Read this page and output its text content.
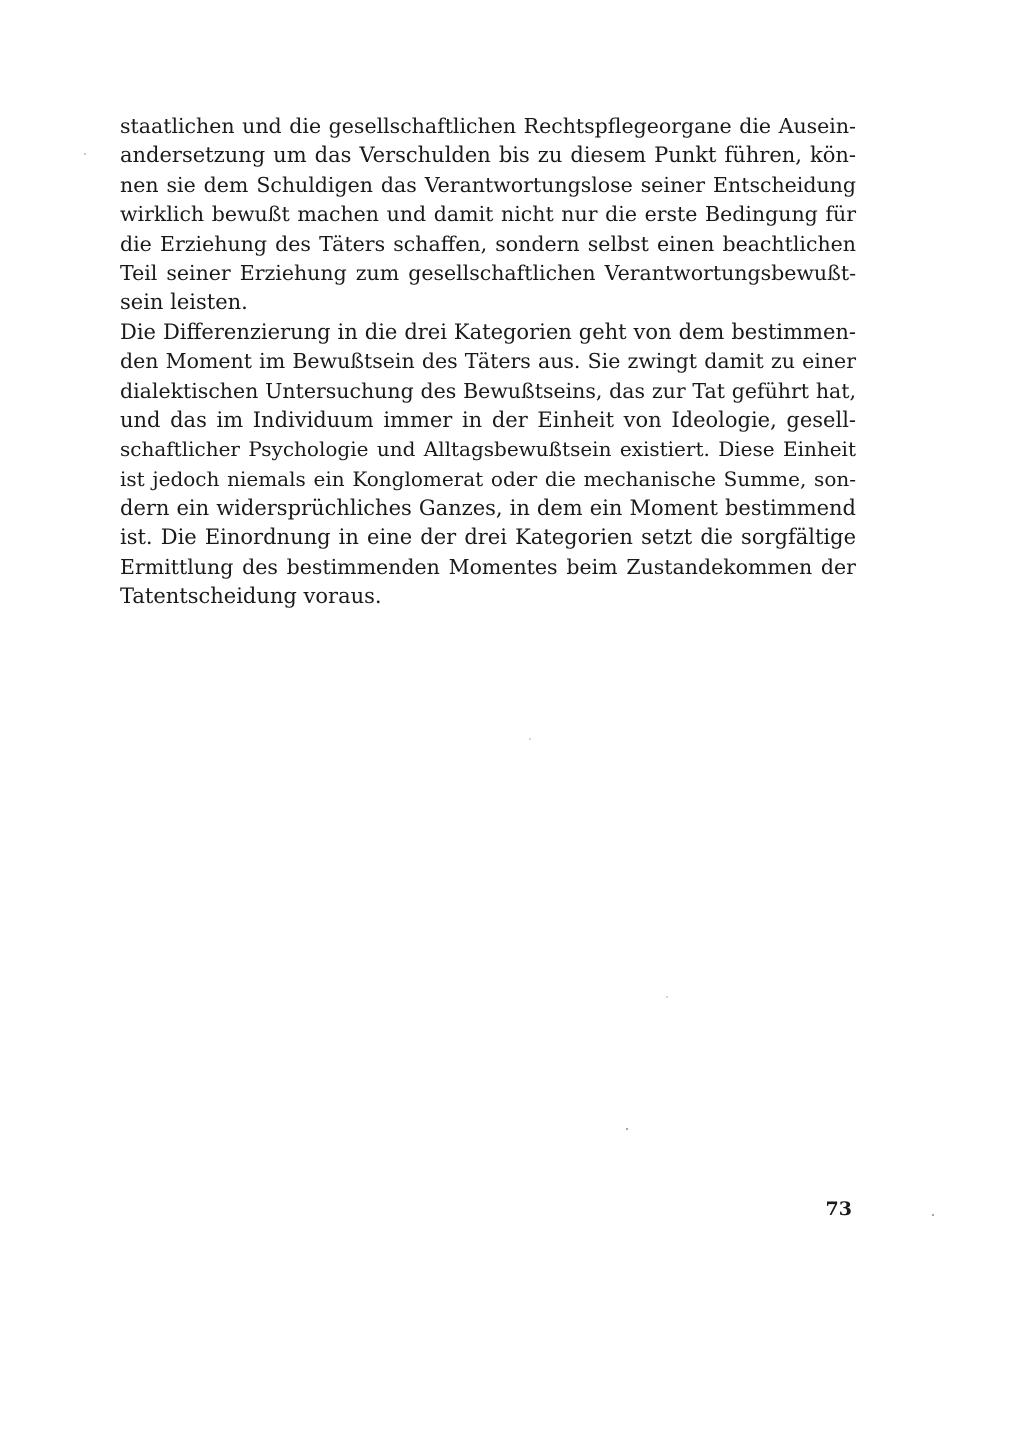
staatlichen und die gesellschaftlichen Rechtspflegeorgane die Ausein-
andersetzung um das Verschulden bis zu diesem Punkt führen, kön-
nen sie dem Schuldigen das Verantwortungslose seiner Entscheidung
wirklich bewußt machen und damit nicht nur die erste Bedingung für
die Erziehung des Täters schaffen, sondern selbst einen beachtlichen
Teil seiner Erziehung zum gesellschaftlichen Verantwortungsbewußt-
sein leisten.
Die Differenzierung in die drei Kategorien geht von dem bestimmen-
den Moment im Bewußtsein des Täters aus. Sie zwingt damit zu einer
dialektischen Untersuchung des Bewußtseins, das zur Tat geführt hat,
und das im Individuum immer in der Einheit von Ideologie, gesell-
schaftlicher Psychologie und Alltagsbewußtsein existiert. Diese Einheit
ist jedoch niemals ein Konglomerat oder die mechanische Summe, son-
dern ein widersprüchliches Ganzes, in dem ein Moment bestimmend
ist. Die Einordnung in eine der drei Kategorien setzt die sorgfältige
Ermittlung des bestimmenden Momentes beim Zustandekommen der
Tatentscheidung voraus.
73
